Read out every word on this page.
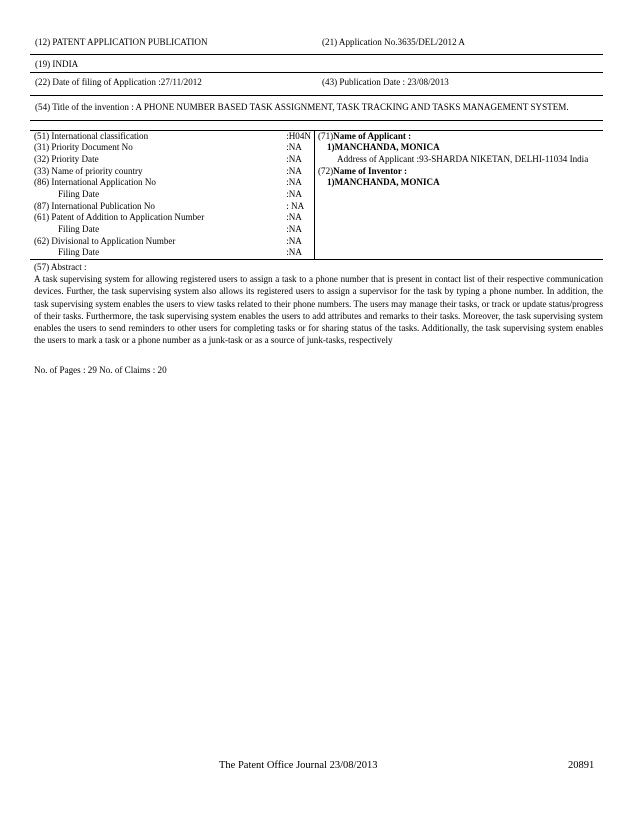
(12) PATENT APPLICATION PUBLICATION	(21) Application No.3635/DEL/2012 A
(19) INDIA
(22) Date of filing of Application :27/11/2012	(43) Publication Date : 23/08/2013
(54) Title of the invention : A PHONE NUMBER BASED TASK ASSIGNMENT, TASK TRACKING AND TASKS MANAGEMENT SYSTEM.
(51) International classification	:H04N
(31) Priority Document No	:NA
(32) Priority Date	:NA
(33) Name of priority country	:NA
(86) International Application No	:NA
Filing Date	:NA
(87) International Publication No	: NA
(61) Patent of Addition to Application Number	:NA
Filing Date	:NA
(62) Divisional to Application Number	:NA
Filing Date	:NA
(71)Name of Applicant :
1)MANCHANDA, MONICA
Address of Applicant :93-SHARDA NIKETAN, DELHI-11034 India
(72)Name of Inventor :
1)MANCHANDA, MONICA
(57) Abstract :

A task supervising system for allowing registered users to assign a task to a phone number that is present in contact list of their respective communication devices. Further, the task supervising system also allows its registered users to assign a supervisor for the task by typing a phone number. In addition, the task supervising system enables the users to view tasks related to their phone numbers. The users may manage their tasks, or track or update status/progress of their tasks. Furthermore, the task supervising system enables the users to add attributes and remarks to their tasks. Moreover, the task supervising system enables the users to send reminders to other users for completing tasks or for sharing status of the tasks. Additionally, the task supervising system enables the users to mark a task or a phone number as a junk-task or as a source of junk-tasks, respectively

No. of Pages : 29 No. of Claims : 20
The Patent Office Journal 23/08/2013	20891
